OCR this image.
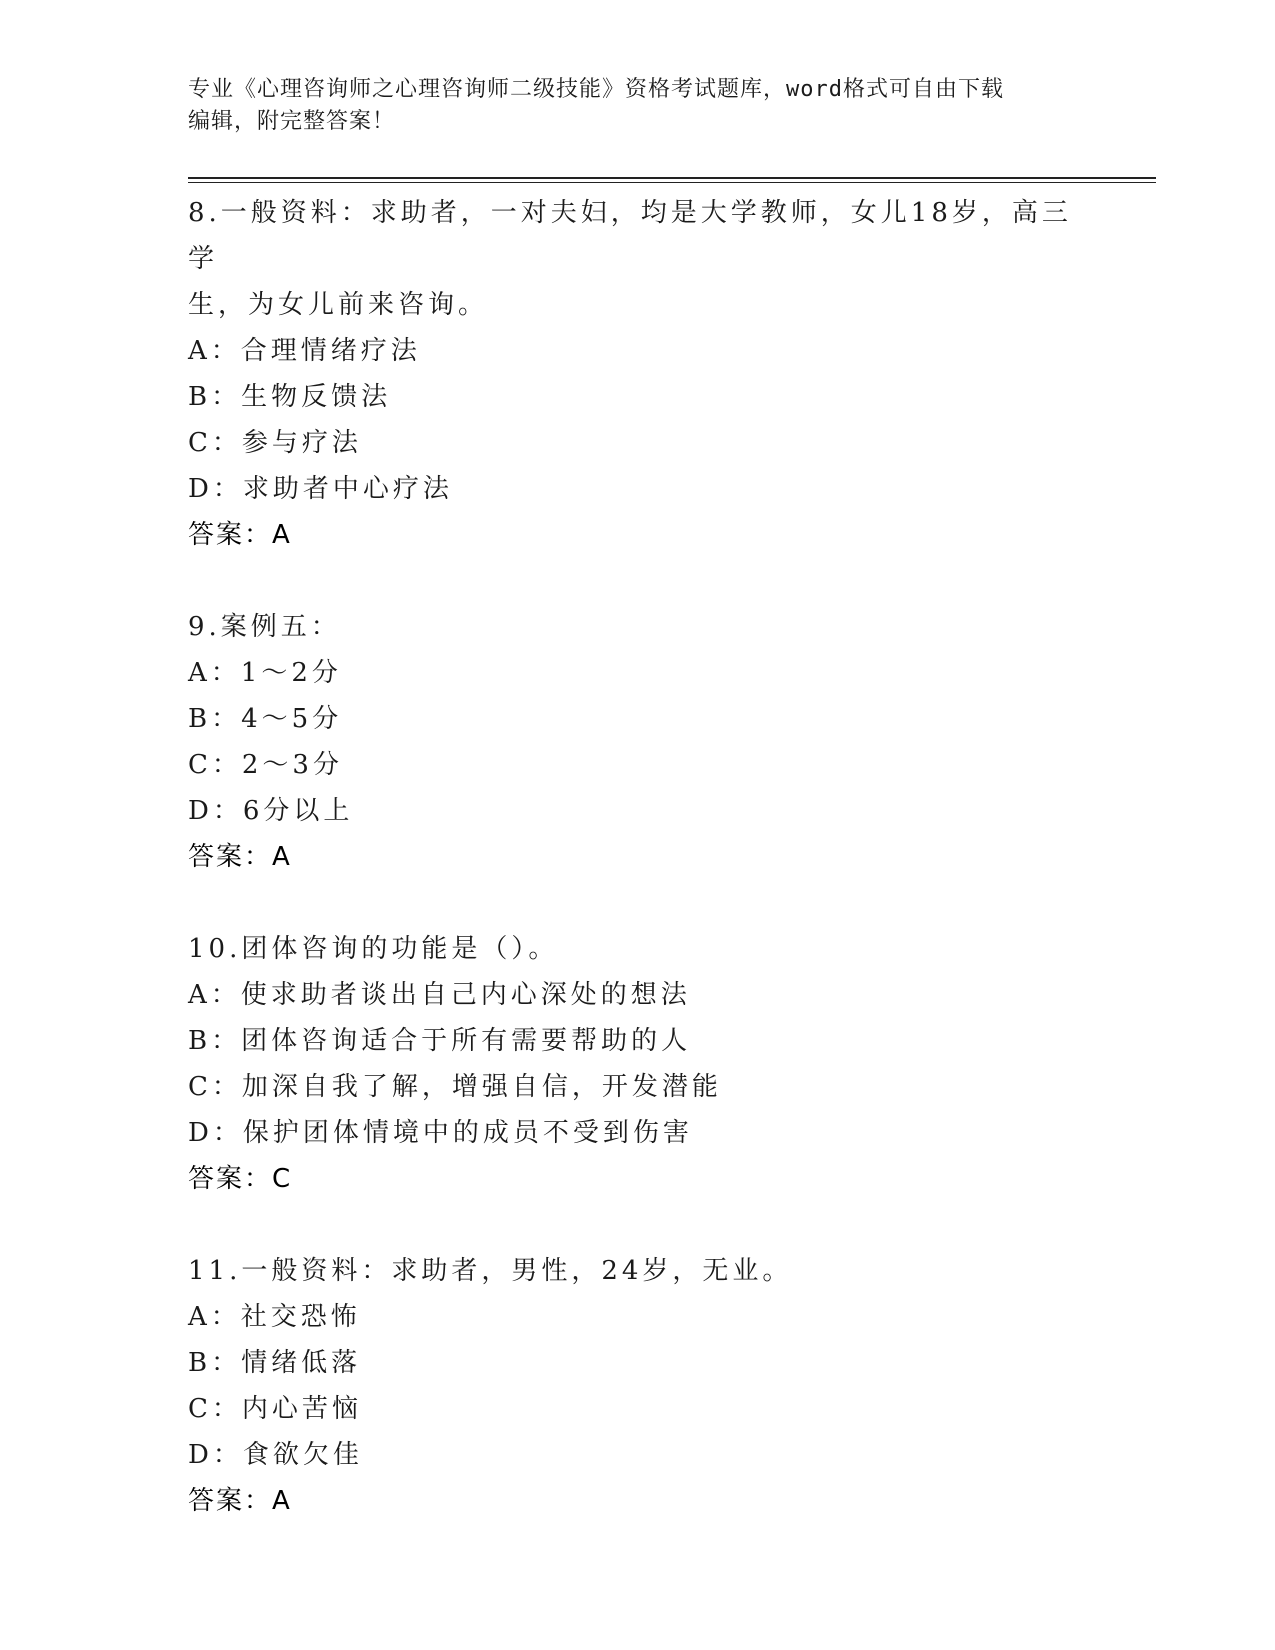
专业《心理咨询师之心理咨询师二级技能》资格考试题库，word格式可自由下载
编辑，附完整答案！
8.一般资料：求助者，一对夫妇，均是大学教师，女儿18岁，高三学
生，为女儿前来咨询。
A：合理情绪疗法
B：生物反馈法
C：参与疗法
D：求助者中心疗法
答案：A
9.案例五：
A：1～2分
B：4～5分
C：2～3分
D：6分以上
答案：A
10.团体咨询的功能是（）。
A：使求助者谈出自己内心深处的想法
B：团体咨询适合于所有需要帮助的人
C：加深自我了解，增强自信，开发潜能
D：保护团体情境中的成员不受到伤害
答案：C
11.一般资料：求助者，男性，24岁，无业。
A：社交恐怖
B：情绪低落
C：内心苦恼
D：食欲欠佳
答案：A
